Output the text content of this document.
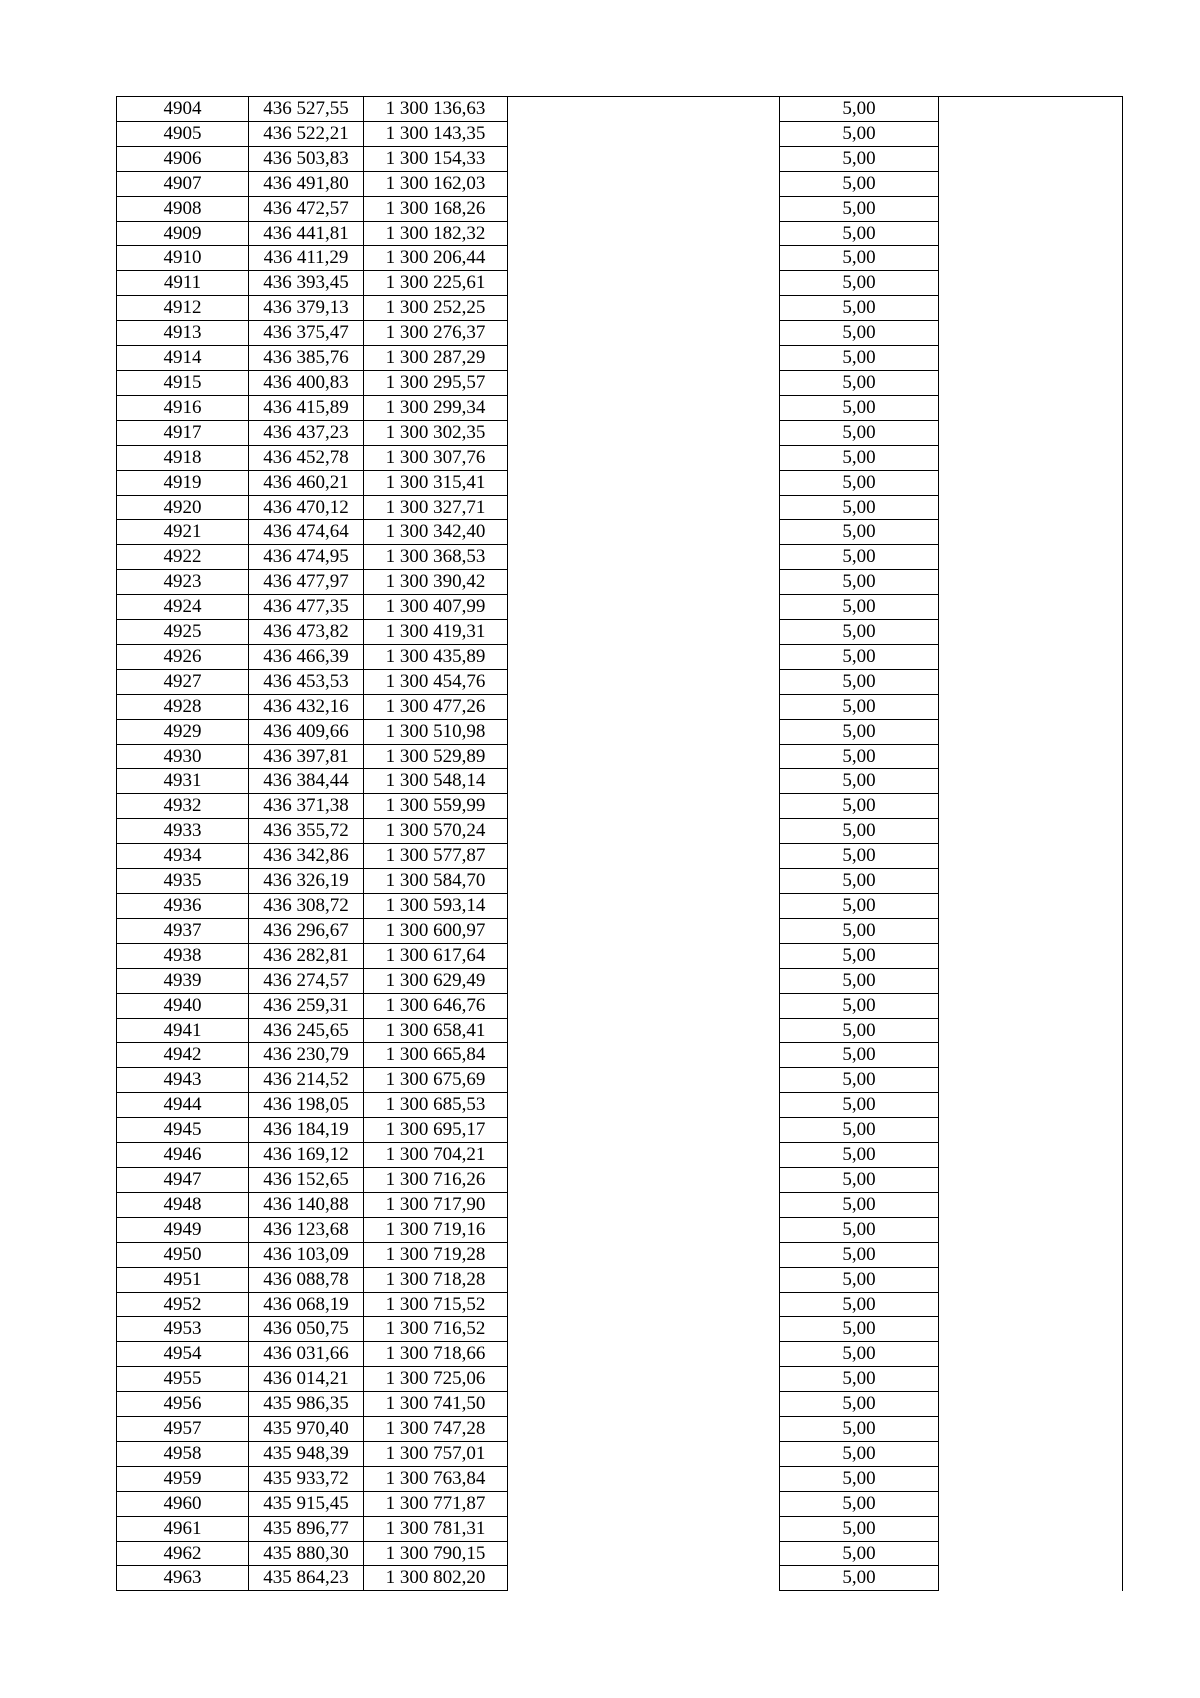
4904	436 527,55	1 300 136,63		5,00	
4905	436 522,21	1 300 143,35		5,00	
4906	436 503,83	1 300 154,33		5,00	
4907	436 491,80	1 300 162,03		5,00	
4908	436 472,57	1 300 168,26		5,00	
4909	436 441,81	1 300 182,32		5,00	
4910	436 411,29	1 300 206,44		5,00	
4911	436 393,45	1 300 225,61		5,00	
4912	436 379,13	1 300 252,25		5,00	
4913	436 375,47	1 300 276,37		5,00	
4914	436 385,76	1 300 287,29		5,00	
4915	436 400,83	1 300 295,57		5,00	
4916	436 415,89	1 300 299,34		5,00	
4917	436 437,23	1 300 302,35		5,00	
4918	436 452,78	1 300 307,76		5,00	
4919	436 460,21	1 300 315,41		5,00	
4920	436 470,12	1 300 327,71		5,00	
4921	436 474,64	1 300 342,40		5,00	
4922	436 474,95	1 300 368,53		5,00	
4923	436 477,97	1 300 390,42		5,00	
4924	436 477,35	1 300 407,99		5,00	
4925	436 473,82	1 300 419,31		5,00	
4926	436 466,39	1 300 435,89		5,00	
4927	436 453,53	1 300 454,76		5,00	
4928	436 432,16	1 300 477,26		5,00	
4929	436 409,66	1 300 510,98		5,00	
4930	436 397,81	1 300 529,89		5,00	
4931	436 384,44	1 300 548,14		5,00	
4932	436 371,38	1 300 559,99		5,00	
4933	436 355,72	1 300 570,24		5,00	
4934	436 342,86	1 300 577,87		5,00	
4935	436 326,19	1 300 584,70		5,00	
4936	436 308,72	1 300 593,14		5,00	
4937	436 296,67	1 300 600,97		5,00	
4938	436 282,81	1 300 617,64		5,00	
4939	436 274,57	1 300 629,49		5,00	
4940	436 259,31	1 300 646,76		5,00	
4941	436 245,65	1 300 658,41		5,00	
4942	436 230,79	1 300 665,84		5,00	
4943	436 214,52	1 300 675,69		5,00	
4944	436 198,05	1 300 685,53		5,00	
4945	436 184,19	1 300 695,17		5,00	
4946	436 169,12	1 300 704,21		5,00	
4947	436 152,65	1 300 716,26		5,00	
4948	436 140,88	1 300 717,90		5,00	
4949	436 123,68	1 300 719,16		5,00	
4950	436 103,09	1 300 719,28		5,00	
4951	436 088,78	1 300 718,28		5,00	
4952	436 068,19	1 300 715,52		5,00	
4953	436 050,75	1 300 716,52		5,00	
4954	436 031,66	1 300 718,66		5,00	
4955	436 014,21	1 300 725,06		5,00	
4956	435 986,35	1 300 741,50		5,00	
4957	435 970,40	1 300 747,28		5,00	
4958	435 948,39	1 300 757,01		5,00	
4959	435 933,72	1 300 763,84		5,00	
4960	435 915,45	1 300 771,87		5,00	
4961	435 896,77	1 300 781,31		5,00	
4962	435 880,30	1 300 790,15		5,00	
4963	435 864,23	1 300 802,20		5,00	
